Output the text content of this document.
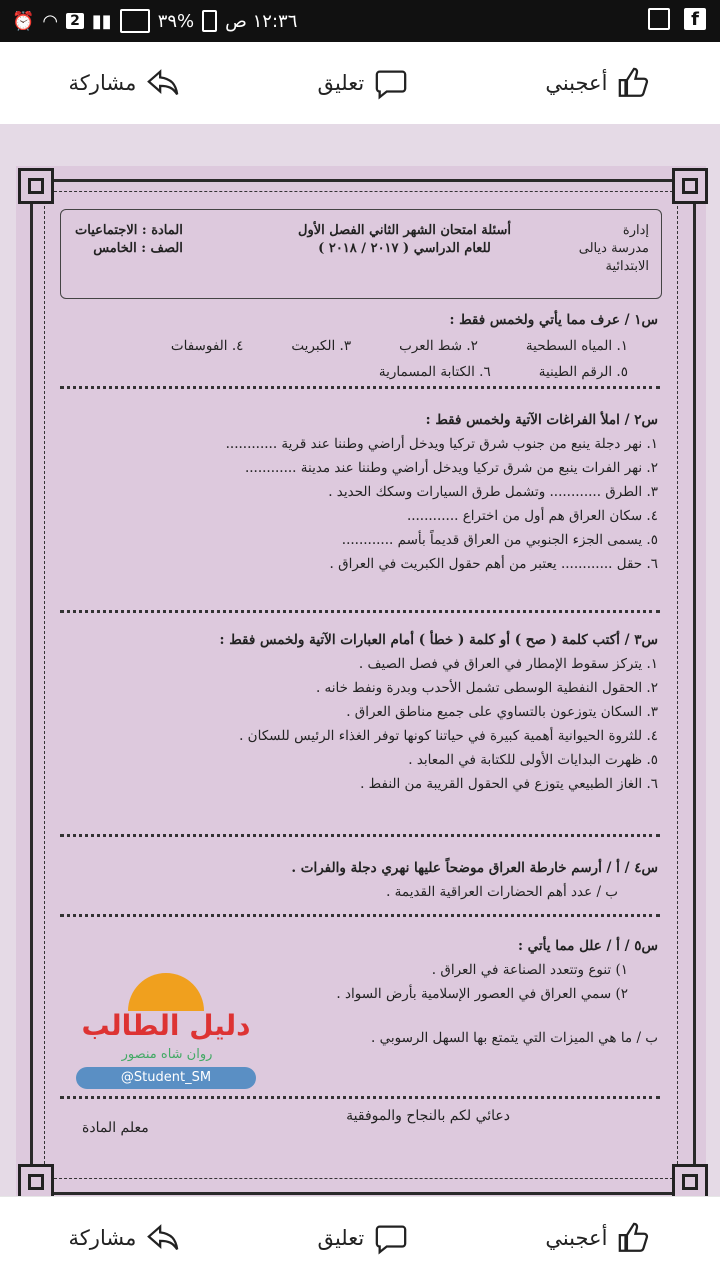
١٢:٣٦ ص
%٣٩
▮▮
2
◠
⏰	f
أعجبني
تعليق
مشاركة
إدارة
مدرسة ديالى
الابتدائية
أسئلة امتحان الشهر الثاني الفصل الأول
للعام الدراسي ( ٢٠١٧ / ٢٠١٨ )
المادة : الاجتماعيات
الصف : الخامس
س١ / عرف مما يأتي ولخمس فقط :
١. المياه السطحية
٢. شط العرب
٣. الكبريت
٤. الفوسفات
٥. الرقم الطينية
٦. الكتابة المسمارية
س٢ / املأ الفراغات الآتية ولخمس فقط :
١. نهر دجلة ينبع من جنوب شرق تركيا ويدخل أراضي وطننا عند قرية ............
٢. نهر الفرات ينبع من شرق تركيا ويدخل أراضي وطننا عند مدينة ............
٣. الطرق ............ وتشمل طرق السيارات وسكك الحديد .
٤. سكان العراق هم أول من اختراع ............
٥. يسمى الجزء الجنوبي من العراق قديماً بأسم ............
٦. حقل ............ يعتبر من أهم حقول الكبريت في العراق .
س٣ / أكتب كلمة ( صح ) أو كلمة ( خطأ ) أمام العبارات الآتية ولخمس فقط :
١. يتركز سقوط الإمطار في العراق في فصل الصيف .
٢. الحقول النفطية الوسطى تشمل الأحدب وبدرة ونفط خانه .
٣. السكان يتوزعون بالتساوي على جميع مناطق العراق .
٤. للثروة الحيوانية أهمية كبيرة في حياتنا كونها توفر الغذاء الرئيس للسكان .
٥. ظهرت البدايات الأولى للكتابة في المعابد .
٦. الغاز الطبيعي يتوزع في الحقول القريبة من النفط .
س٤ / أ / أرسم خارطة العراق موضحاً عليها نهري دجلة والفرات .
ب / عدد أهم الحضارات العراقية القديمة .
س٥ / أ / علل مما يأتي :
١) تنوع وتتعدد الصناعة في العراق .
٢) سمي العراق في العصور الإسلامية بأرض السواد .
ب / ما هي الميزات التي يتمتع بها السهل الرسوبي .
دعائي لكم بالنجاح والموفقية
معلم المادة
دليل الطالب
روان شاه منصور
@Student_SM
أعجبني
تعليق
مشاركة
